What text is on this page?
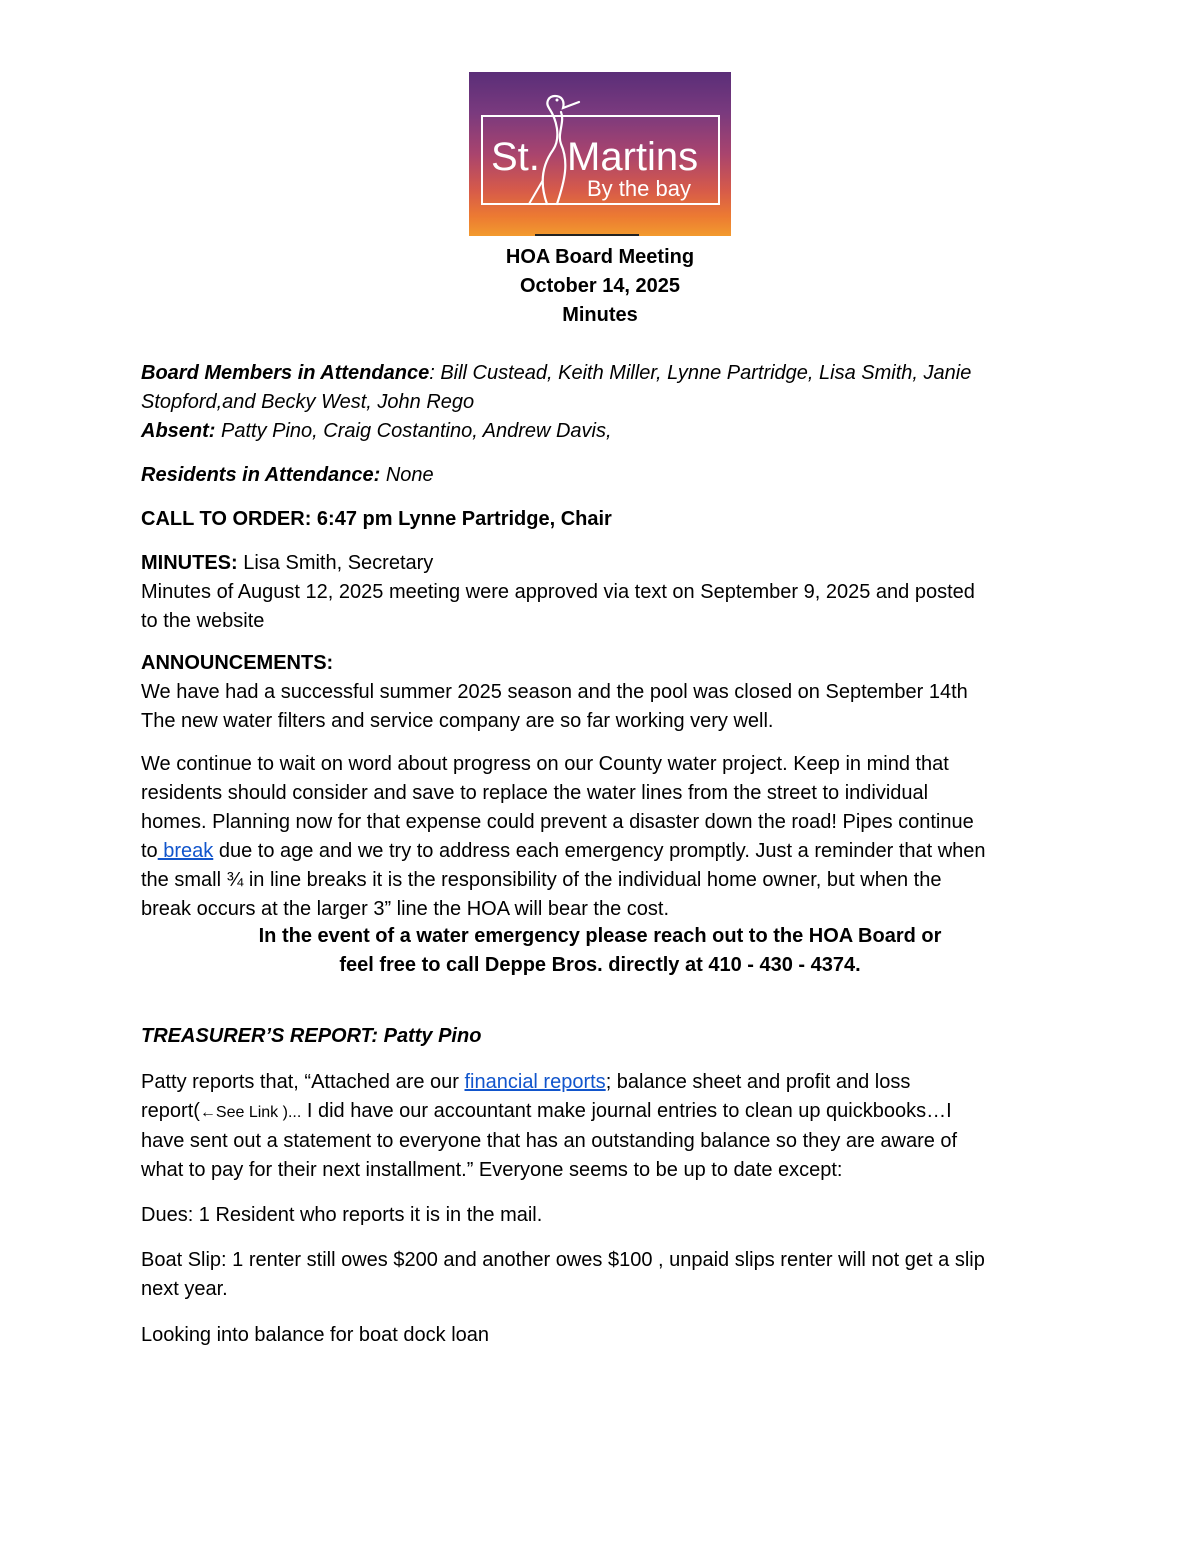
St. Martins
By the bay
HOA Board Meeting
October 14, 2025
Minutes
Board Members in Attendance: Bill Custead, Keith Miller, Lynne Partridge, Lisa Smith, Janie
Stopford,and Becky West, John Rego
Absent: Patty Pino, Craig Costantino, Andrew Davis,
Residents in Attendance: None
CALL TO ORDER: 6:47 pm Lynne Partridge, Chair
MINUTES: Lisa Smith, Secretary
Minutes of August 12, 2025 meeting were approved via text on September 9, 2025 and posted
to the website
ANNOUNCEMENTS:
We have had a successful summer 2025 season and the pool was closed on September 14th
The new water filters and service company are so far working very well.
We continue to wait on word about progress on our County water project. Keep in mind that
residents should consider and save to replace the water lines from the street to individual
homes. Planning now for that expense could prevent a disaster down the road! Pipes continue
to break due to age and we try to address each emergency promptly. Just a reminder that when
the small ¾ in line breaks it is the responsibility of the individual home owner, but when the
break occurs at the larger 3” line the HOA will bear the cost.
In the event of a water emergency please reach out to the HOA Board or
feel free to call Deppe Bros. directly at 410 - 430 - 4374.
TREASURER’S REPORT: Patty Pino
Patty reports that, “Attached are our financial reports; balance sheet and profit and loss
report(←See Link )... I did have our accountant make journal entries to clean up quickbooks…I
have sent out a statement to everyone that has an outstanding balance so they are aware of
what to pay for their next installment.” Everyone seems to be up to date except:
Dues: 1 Resident who reports it is in the mail.
Boat Slip: 1 renter still owes $200 and another owes $100 , unpaid slips renter will not get a slip
next year.
Looking into balance for boat dock loan
